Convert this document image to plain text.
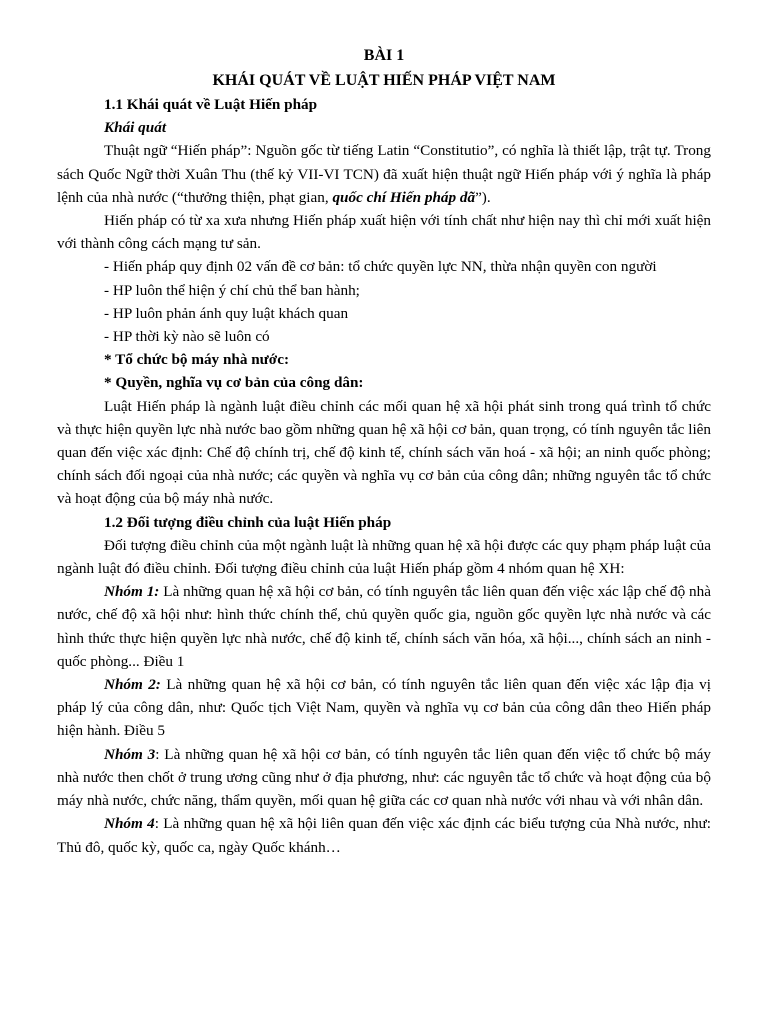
BÀI 1
KHÁI QUÁT VỀ LUẬT HIẾN PHÁP VIỆT NAM
1.1 Khái quát về Luật Hiến pháp
Khái quát
Thuật ngữ “Hiến pháp”: Nguồn gốc từ tiếng Latin “Constitutio”, có nghĩa là thiết lập, trật tự. Trong sách Quốc Ngữ thời Xuân Thu (thế kỷ VII-VI TCN) đã xuất hiện thuật ngữ Hiến pháp với ý nghĩa là pháp lệnh của nhà nước (“thưởng thiện, phạt gian, quốc chí Hiến pháp dã”).
Hiến pháp có từ xa xưa nhưng Hiến pháp xuất hiện với tính chất như hiện nay thì chỉ mới xuất hiện với thành công cách mạng tư sản.
- Hiến pháp quy định 02 vấn đề cơ bản: tổ chức quyền lực NN, thừa nhận quyền con người
- HP luôn thể hiện ý chí chủ thể ban hành;
- HP luôn phản ánh quy luật khách quan
- HP thời kỳ nào sẽ luôn có
* Tổ chức bộ máy nhà nước:
* Quyền, nghĩa vụ cơ bản của công dân:
Luật Hiến pháp là ngành luật điều chỉnh các mối quan hệ xã hội phát sinh trong quá trình tổ chức và thực hiện quyền lực nhà nước bao gồm những quan hệ xã hội cơ bản, quan trọng, có tính nguyên tắc liên quan đến việc xác định: Chế độ chính trị, chế độ kinh tế, chính sách văn hoá - xã hội; an ninh quốc phòng; chính sách đối ngoại của nhà nước; các quyền và nghĩa vụ cơ bản của công dân; những nguyên tắc tổ chức và hoạt động của bộ máy nhà nước.
1.2 Đối tượng điều chỉnh của luật Hiến pháp
Đối tượng điều chỉnh của một ngành luật là những quan hệ xã hội được các quy phạm pháp luật của ngành luật đó điều chỉnh. Đối tượng điều chỉnh của luật Hiến pháp gồm 4 nhóm quan hệ XH:
Nhóm 1: Là những quan hệ xã hội cơ bản, có tính nguyên tắc liên quan đến việc xác lập chế độ nhà nước, chế độ xã hội như: hình thức chính thể, chủ quyền quốc gia, nguồn gốc quyền lực nhà nước và các hình thức thực hiện quyền lực nhà nước, chế độ kinh tế, chính sách văn hóa, xã hội..., chính sách an ninh - quốc phòng... Điều 1
Nhóm 2: Là những quan hệ xã hội cơ bản, có tính nguyên tắc liên quan đến việc xác lập địa vị pháp lý của công dân, như: Quốc tịch Việt Nam, quyền và nghĩa vụ cơ bản của công dân theo Hiến pháp hiện hành. Điều 5
Nhóm 3: Là những quan hệ xã hội cơ bản, có tính nguyên tắc liên quan đến việc tổ chức bộ máy nhà nước then chốt ở trung ương cũng như ở địa phương, như: các nguyên tắc tổ chức và hoạt động của bộ máy nhà nước, chức năng, thẩm quyền, mối quan hệ giữa các cơ quan nhà nước với nhau và với nhân dân.
Nhóm 4: Là những quan hệ xã hội liên quan đến việc xác định các biểu tượng của Nhà nước, như: Thủ đô, quốc kỳ, quốc ca, ngày Quốc khánh…
